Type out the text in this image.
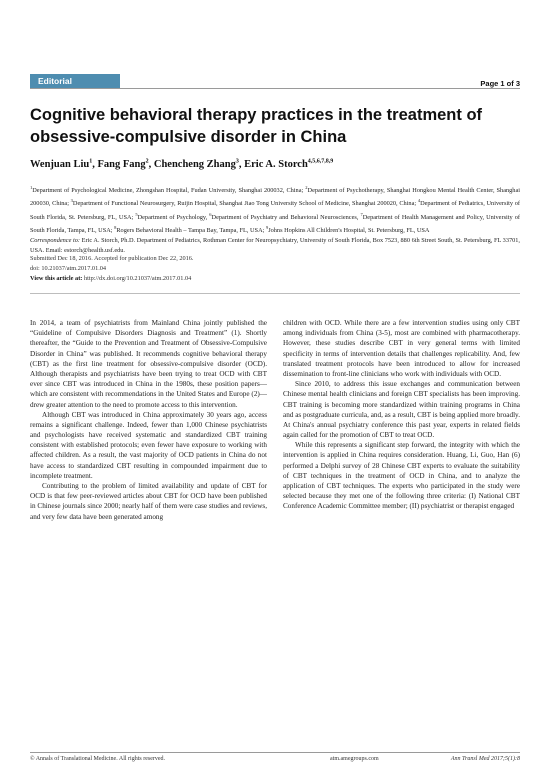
Editorial	Page 1 of 3
Cognitive behavioral therapy practices in the treatment of obsessive-compulsive disorder in China
Wenjuan Liu$^1$, Fang Fang$^2$, Chencheng Zhang$^3$, Eric A. Storch$^{4,5,6,7,8,9}$

$^1$Department of Psychological Medicine, Zhongshan Hospital, Fudan University, Shanghai 200032, China; $^2$Department of Psychotherapy, Shanghai Hongkou Mental Health Center, Shanghai 200030, China; $^3$Department of Functional Neurosurgery, Ruijin Hospital, Shanghai Jiao Tong University School of Medicine, Shanghai 200020, China; $^4$Department of Pediatrics, University of South Florida, St. Petersburg, FL, USA; $^5$Department of Psychology, $^6$Department of Psychiatry and Behavioral Neurosciences, $^7$Department of Health Management and Policy, University of South Florida, Tampa, FL, USA; $^8$Rogers Behavioral Health – Tampa Bay, Tampa, FL, USA; $^9$Johns Hopkins All Children's Hospital, St. Petersburg, FL, USA
Correspondence to: Eric A. Storch, Ph.D. Department of Pediatrics, Rothman Center for Neuropsychiatry, University of South Florida, Box 7523, 880 6th Street South, St. Petersburg, FL 33701, USA. Email: estorch@health.usf.edu.

Submitted Dec 18, 2016. Accepted for publication Dec 22, 2016.
doi: 10.21037/atm.2017.01.04
View this article at: http://dx.doi.org/10.21037/atm.2017.01.04

In 2014, a team of psychiatrists from Mainland China jointly published the “Guideline of Compulsive Disorders Diagnosis and Treatment” (1). Shortly thereafter, the “Guide to the Prevention and Treatment of Obsessive-Compulsive Disorder in China” was published. It recommends cognitive behavioral therapy (CBT) as the first line treatment for obsessive-compulsive disorder (OCD). Although therapists and psychiatrists have been trying to treat OCD with CBT ever since CBT was introduced in China in the 1980s, these position papers—which are consistent with recommendations in the United States and Europe (2)—drew greater attention to the need to promote access to this intervention.

Although CBT was introduced in China approximately 30 years ago, access remains a significant challenge. Indeed, fewer than 1,000 Chinese psychiatrists and psychologists have received systematic and standardized CBT training consistent with established protocols; even fewer have exposure to working with affected children. As a result, the vast majority of OCD patients in China do not have access to standardized CBT resulting in compounded impairment due to incomplete treatment.

Contributing to the problem of limited availability and update of CBT for OCD is that few peer-reviewed articles about CBT for OCD have been published in Chinese journals since 2000; nearly half of them were case studies and reviews, and very few data have been generated among

children with OCD. While there are a few intervention studies using only CBT among individuals from China (3-5), most are combined with pharmacotherapy. However, these studies describe CBT in very general terms with limited specificity in terms of intervention details that challenges replicability. And, few translated treatment protocols have been introduced to allow for increased dissemination to front-line clinicians who work with individuals with OCD.

Since 2010, to address this issue exchanges and communication between Chinese mental health clinicians and foreign CBT specialists has been improving. CBT training is becoming more standardized within training programs in China and as postgraduate curricula, and, as a result, CBT is being applied more broadly. At China's annual psychiatry conference this past year, experts in related fields again called for the promotion of CBT to treat OCD.

While this represents a significant step forward, the integrity with which the intervention is applied in China requires consideration. Huang, Li, Guo, Han (6) performed a Delphi survey of 28 Chinese CBT experts to evaluate the suitability of CBT techniques in the treatment of OCD in China, and to analyze the application of CBT techniques. The experts who participated in the study were selected because they met one of the following three criteria: (I) National CBT Conference Academic Committee member; (II) psychiatrist or therapist engaged

© Annals of Translational Medicine. All rights reserved.	atm.amegroups.com	Ann Transl Med 2017;5(1):8
